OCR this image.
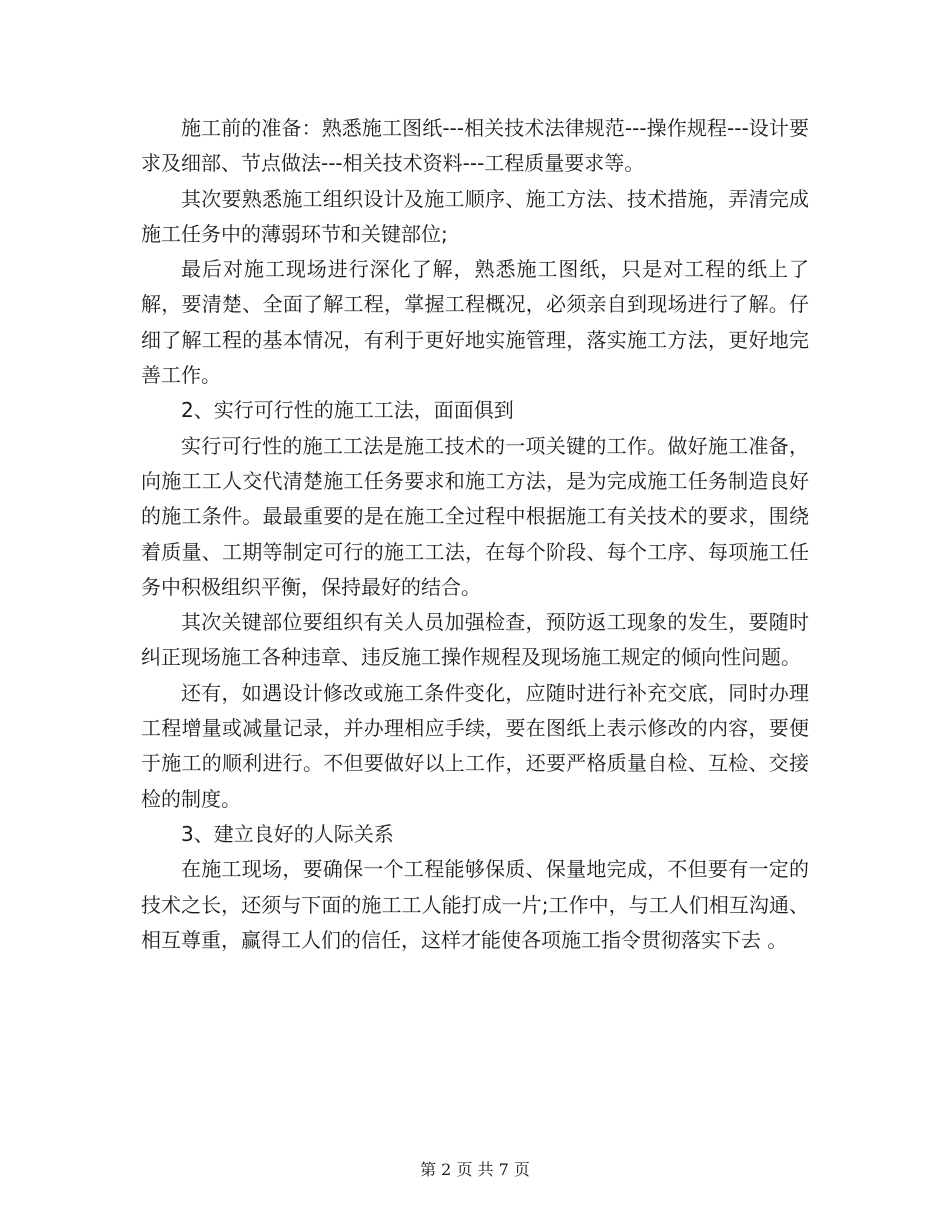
施工前的准备：熟悉施工图纸---相关技术法律规范---操作规程---设计要求及细部、节点做法---相关技术资料---工程质量要求等。

其次要熟悉施工组织设计及施工顺序、施工方法、技术措施，弄清完成施工任务中的薄弱环节和关键部位;

最后对施工现场进行深化了解，熟悉施工图纸，只是对工程的纸上了解，要清楚、全面了解工程，掌握工程概况，必须亲自到现场进行了解。仔细了解工程的基本情况，有利于更好地实施管理，落实施工方法，更好地完善工作。

2、实行可行性的施工工法，面面俱到

实行可行性的施工工法是施工技术的一项关键的工作。做好施工准备，向施工工人交代清楚施工任务要求和施工方法，是为完成施工任务制造良好的施工条件。最最重要的是在施工全过程中根据施工有关技术的要求，围绕着质量、工期等制定可行的施工工法，在每个阶段、每个工序、每项施工任务中积极组织平衡，保持最好的结合。

其次关键部位要组织有关人员加强检查，预防返工现象的发生，要随时纠正现场施工各种违章、违反施工操作规程及现场施工规定的倾向性问题。

还有，如遇设计修改或施工条件变化，应随时进行补充交底，同时办理工程增量或减量记录，并办理相应手续，要在图纸上表示修改的内容，要便于施工的顺利进行。不但要做好以上工作，还要严格质量自检、互检、交接检的制度。

3、建立良好的人际关系

在施工现场，要确保一个工程能够保质、保量地完成，不但要有一定的技术之长，还须与下面的施工工人能打成一片;工作中，与工人们相互沟通、相互尊重，赢得工人们的信任，这样才能使各项施工指令贯彻落实下去 。

第 2 页 共 7 页
